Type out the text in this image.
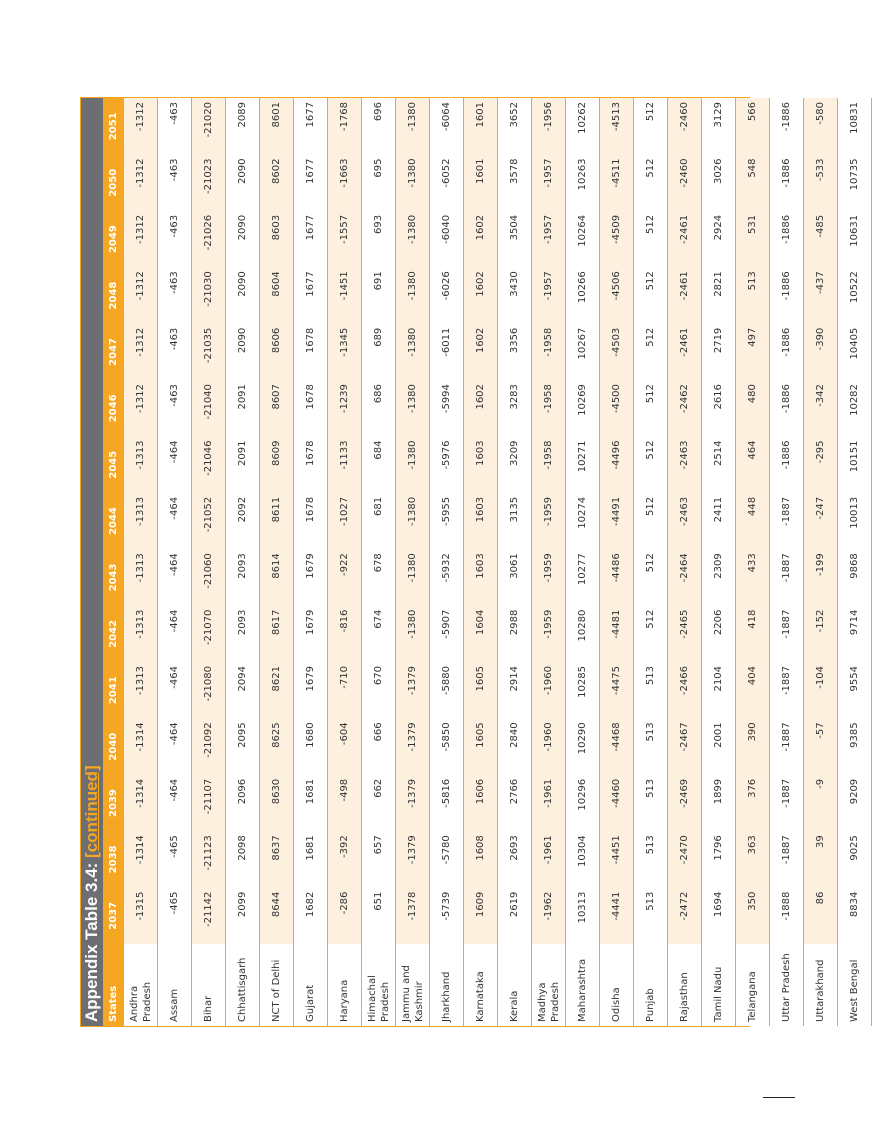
Appendix Table 3.4: [continued]
States	2037	2038	2039	2040	2041	2042	2043	2044	2045	2046	2047	2048	2049	2050	2051
Andhra Pradesh	-1315	-1314	-1314	-1314	-1313	-1313	-1313	-1313	-1313	-1312	-1312	-1312	-1312	-1312	-1312
Assam	-465	-465	-464	-464	-464	-464	-464	-464	-464	-463	-463	-463	-463	-463	-463
Bihar	-21142	-21123	-21107	-21092	-21080	-21070	-21060	-21052	-21046	-21040	-21035	-21030	-21026	-21023	-21020
Chhattisgarh	2099	2098	2096	2095	2094	2093	2093	2092	2091	2091	2090	2090	2090	2090	2089
NCT of Delhi	8644	8637	8630	8625	8621	8617	8614	8611	8609	8607	8606	8604	8603	8602	8601
Gujarat	1682	1681	1681	1680	1679	1679	1679	1678	1678	1678	1678	1677	1677	1677	1677
Haryana	-286	-392	-498	-604	-710	-816	-922	-1027	-1133	-1239	-1345	-1451	-1557	-1663	-1768
Himachal Pradesh	651	657	662	666	670	674	678	681	684	686	689	691	693	695	696
Jammu and Kashmir	-1378	-1379	-1379	-1379	-1379	-1380	-1380	-1380	-1380	-1380	-1380	-1380	-1380	-1380	-1380
Jharkhand	-5739	-5780	-5816	-5850	-5880	-5907	-5932	-5955	-5976	-5994	-6011	-6026	-6040	-6052	-6064
Karnataka	1609	1608	1606	1605	1605	1604	1603	1603	1603	1602	1602	1602	1602	1601	1601
Kerala	2619	2693	2766	2840	2914	2988	3061	3135	3209	3283	3356	3430	3504	3578	3652
Madhya Pradesh	-1962	-1961	-1961	-1960	-1960	-1959	-1959	-1959	-1958	-1958	-1958	-1957	-1957	-1957	-1956
Maharashtra	10313	10304	10296	10290	10285	10280	10277	10274	10271	10269	10267	10266	10264	10263	10262
Odisha	-4441	-4451	-4460	-4468	-4475	-4481	-4486	-4491	-4496	-4500	-4503	-4506	-4509	-4511	-4513
Punjab	513	513	513	513	513	512	512	512	512	512	512	512	512	512	512
Rajasthan	-2472	-2470	-2469	-2467	-2466	-2465	-2464	-2463	-2463	-2462	-2461	-2461	-2461	-2460	-2460
Tamil Nadu	1694	1796	1899	2001	2104	2206	2309	2411	2514	2616	2719	2821	2924	3026	3129
Telangana	350	363	376	390	404	418	433	448	464	480	497	513	531	548	566
Uttar Pradesh	-1888	-1887	-1887	-1887	-1887	-1887	-1887	-1887	-1886	-1886	-1886	-1886	-1886	-1886	-1886
Uttarakhand	86	39	-9	-57	-104	-152	-199	-247	-295	-342	-390	-437	-485	-533	-580
West Bengal	8834	9025	9209	9385	9554	9714	9868	10013	10151	10282	10405	10522	10631	10735	10831
